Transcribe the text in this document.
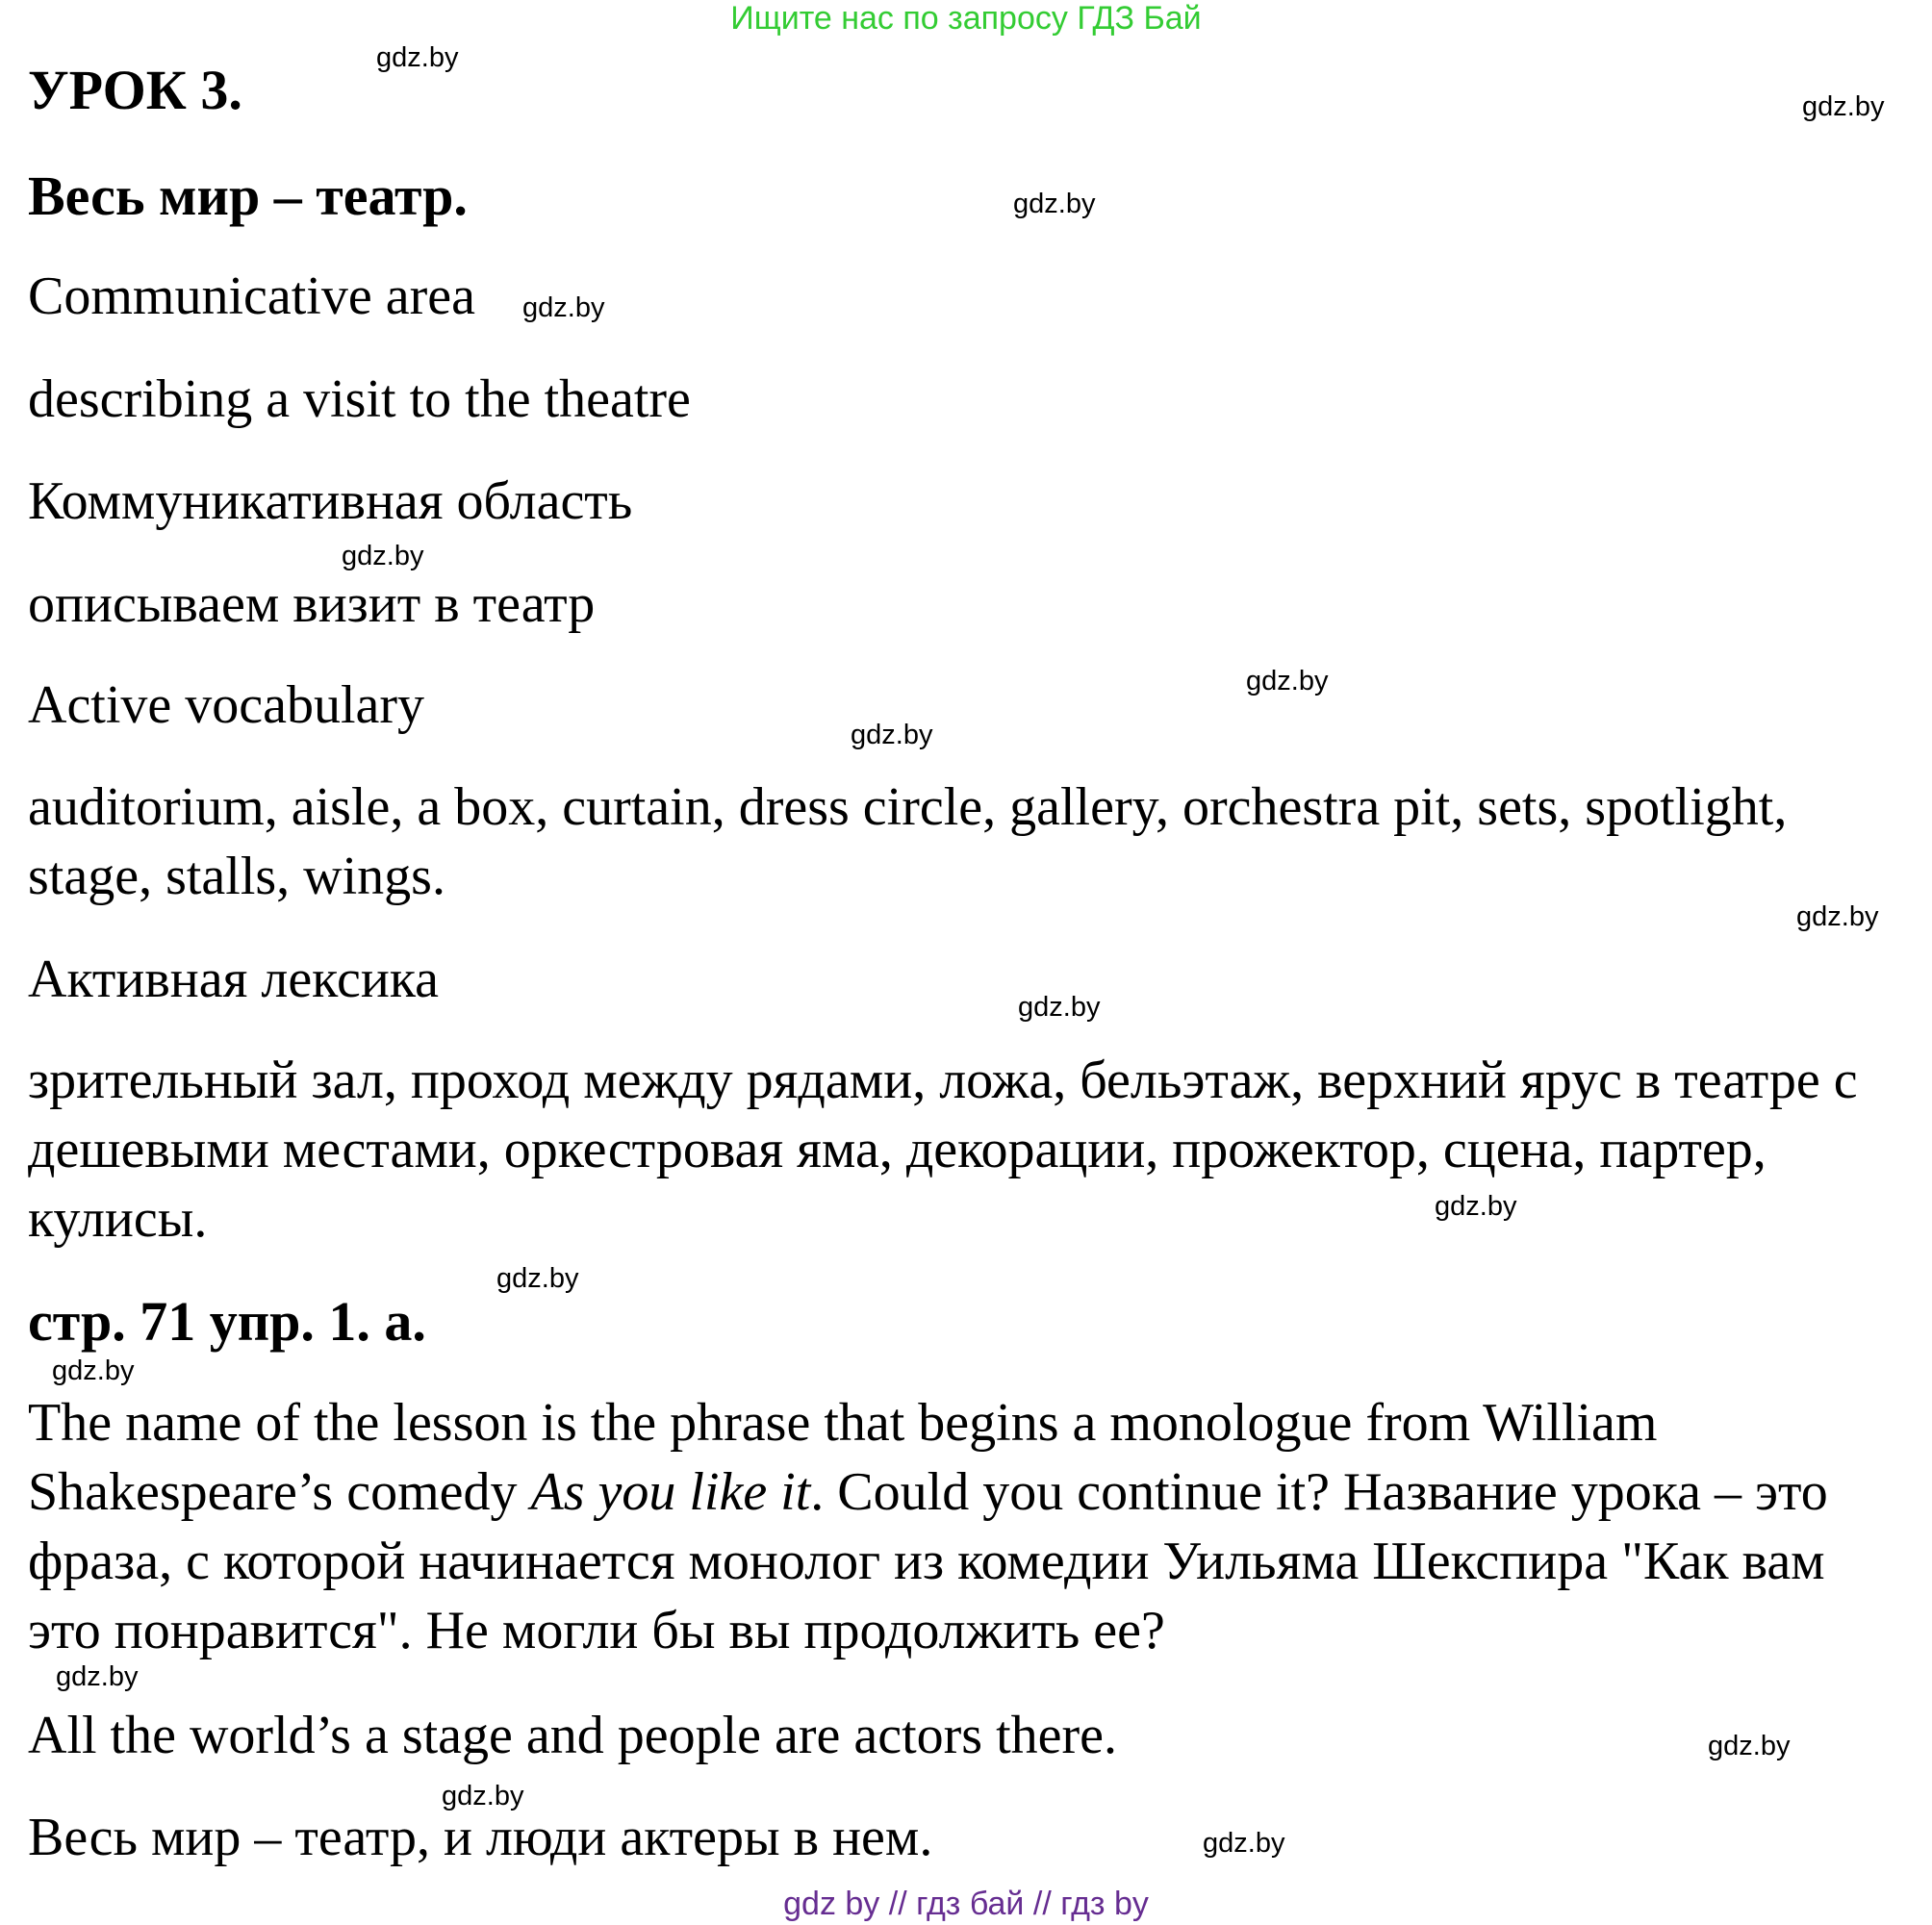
Ищите нас по запросу ГДЗ Бай

УРОК 3.

Весь мир – театр.

Communicative area

describing a visit to the theatre

Коммуникативная область

описываем визит в театр

Active vocabulary

auditorium, aisle, a box, curtain, dress circle, gallery, orchestra pit, sets, spotlight, stage, stalls, wings.

Активная лексика

зрительный зал, проход между рядами, ложа, бельэтаж, верхний ярус в театре с дешевыми местами, оркестровая яма, декорации, прожектор, сцена, партер, кулисы.

стр. 71 упр. 1. а.

The name of the lesson is the phrase that begins a monologue from William Shakespeare’s comedy As you like it. Could you continue it? Название урока – это фраза, с которой начинается монолог из комедии Уильяма Шекспира "Как вам это понравится". Не могли бы вы продолжить ее?

All the world’s a stage and people are actors there.

Весь мир – театр, и люди актеры в нем.

gdz.by
gdz.by
gdz.by
gdz.by
gdz.by
gdz.by
gdz.by
gdz.by
gdz.by
gdz.by
gdz.by
gdz.by
gdz.by
gdz.by
gdz.by
gdz.by
gdz by // гдз бай // гдз by
